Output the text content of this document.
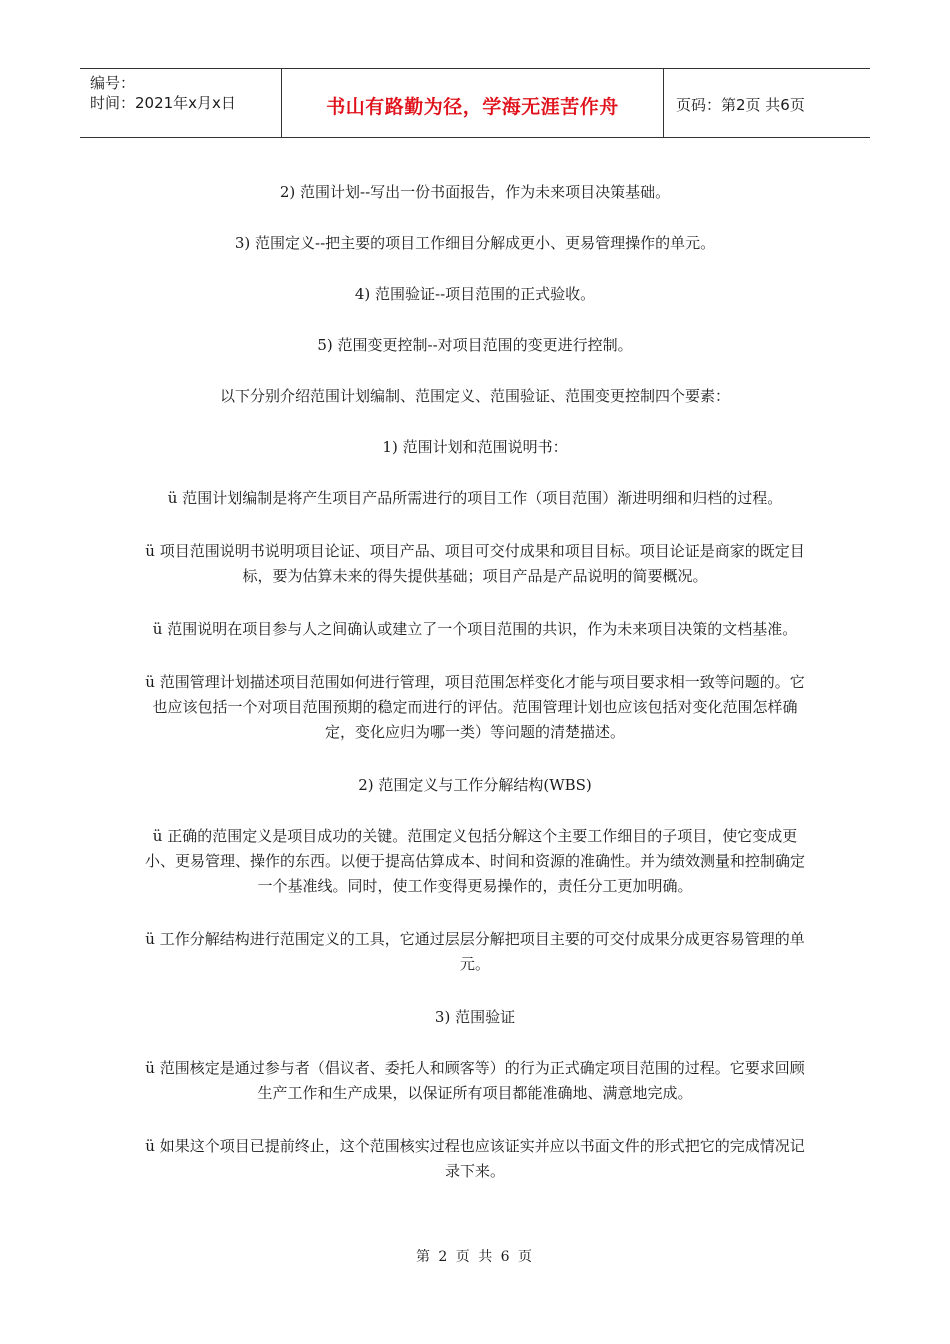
编号：
时间：2021年x月x日	书山有路勤为径，学海无涯苦作舟	页码：第2页 共6页

2) 范围计划--写出一份书面报告，作为未来项目决策基础。

3) 范围定义--把主要的项目工作细目分解成更小、更易管理操作的单元。

4) 范围验证--项目范围的正式验收。

5) 范围变更控制--对项目范围的变更进行控制。

以下分别介绍范围计划编制、范围定义、范围验证、范围变更控制四个要素：

1) 范围计划和范围说明书：

ü 范围计划编制是将产生项目产品所需进行的项目工作（项目范围）渐进明细和归档的过程。

ü 项目范围说明书说明项目论证、项目产品、项目可交付成果和项目目标。项目论证是商家的既定目标，要为估算未来的得失提供基础；项目产品是产品说明的简要概况。

ü 范围说明在项目参与人之间确认或建立了一个项目范围的共识，作为未来项目决策的文档基准。

ü 范围管理计划描述项目范围如何进行管理，项目范围怎样变化才能与项目要求相一致等问题的。它也应该包括一个对项目范围预期的稳定而进行的评估。范围管理计划也应该包括对变化范围怎样确定，变化应归为哪一类）等问题的清楚描述。

2) 范围定义与工作分解结构(WBS)

ü 正确的范围定义是项目成功的关键。范围定义包括分解这个主要工作细目的子项目，使它变成更小、更易管理、操作的东西。以便于提高估算成本、时间和资源的准确性。并为绩效测量和控制确定一个基准线。同时，使工作变得更易操作的，责任分工更加明确。

ü 工作分解结构进行范围定义的工具，它通过层层分解把项目主要的可交付成果分成更容易管理的单元。

3) 范围验证

ü 范围核定是通过参与者（倡议者、委托人和顾客等）的行为正式确定项目范围的过程。它要求回顾生产工作和生产成果，以保证所有项目都能准确地、满意地完成。

ü 如果这个项目已提前终止，这个范围核实过程也应该证实并应以书面文件的形式把它的完成情况记录下来。

第 2 页 共 6 页
